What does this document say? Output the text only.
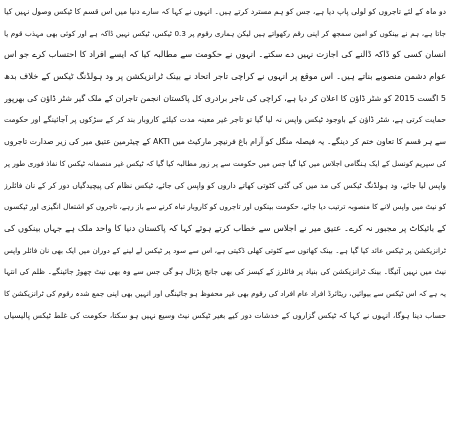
دو ماہ کے لئے تاجروں کو لولی پاپ دیا ہے، جس کو ہم مسترد کرتے ہیں۔ انہوں نے کہا کہ سارے دنیا میں اس قسم کا ٹیکس وصول نہیں کیا
جاتا ہے، ہم نے بینکوں کو امین سمجھ کر اپنی رقم رکھواتے ہیں لیکن ہماری رقوم پر 0.3 ٹیکس، ٹیکس نہیں ڈاکہ ہے اور کوئی بھی مہذب قوم یا
انسان کسی کو ڈاکہ ڈالنے کی اجازت نہیں دے سکتے۔ انہوں نے حکومت سے مطالبہ کیا کہ ایسے افراد کا احتساب کرے جو اس
عوام دشمن منصوبے بناتے ہیں۔ اس موقع پر انہوں نے کراچی تاجر اتحاد نے بینک ٹرانزیکشن پر ود ہولڈنگ ٹیکس کے خلاف بدھ
5 اگست 2015 کو شٹر ڈاؤن کا اعلان کر دیا ہے، کراچی کی تاجر برادری کل پاکستان انجمن تاجران کے ملک گیر شٹر ڈاؤن کی بھرپور
حمایت کرتی ہے، شٹر ڈاؤن کے باوجود ٹیکس واپس نہ لیا گیا تو تاجر غیر معینہ مدت کیلئے کاروبار بند کر کے سڑکوں پر آجائینگے اور حکومت
سے ہر قسم کا تعاون ختم کر دینگے۔ یہ فیصلہ منگل کو آرام باغ فرنیچر مارکیٹ میں AKTI کے چیئرمین عتیق میر کی زیر صدارت تاجروں
کی سپریم کونسل کے ایک ہنگامی اجلاس میں کیا گیا جس میں حکومت سے پر زور مطالبہ کیا گیا کہ ٹیکس غیر منصفانہ ٹیکس کا نفاذ فوری طور پر
واپس لیا جائے، ود ہولڈنگ ٹیکس کی مد میں کی گئی کٹوتی کھاتے داروں کو واپس کی جائے، ٹیکس نظام کی پیچیدگیاں دور کر کے نان فائلرز
کو نیٹ میں واپس لانے کا منصوبہ ترتیب دیا جائے، حکومت بینکوں اور تاجروں کو کاروبار تباہ کرنے سے باز رہے، تاجروں کو اشتعال انگیزی اور ٹیکسوں
کے بائیکاٹ پر مجبور نہ کرے۔ عتیق میر نے اجلاس سے خطاب کرتے ہوئے کہا کہ پاکستان دنیا کا واحد ملک ہے جہاں بینکوں کی
ٹرانزیکشن پر ٹیکس عائد کیا گیا ہے۔ بینک کھاتوں سے کٹوتی کھلی ڈکیتی ہے، اس سے سود پر ٹیکس لے لینے کے دوران میں ایک بھی نان فائلر واپس
نیٹ میں نہیں آئیگا۔ بینک ٹرانزیکشن کی بنیاد پر فائلرز کے کیسز کی بھی جانچ پڑتال ہو گی جس سے وہ بھی نیٹ چھوڑ جائینگے۔ ظلم کی انتہا
یہ ہے کہ اس ٹیکس سے بیوائیں، ریٹائرڈ افراد عام افراد کی رقوم بھی غیر محفوظ ہو جائینگی اور انہیں بھی اپنی جمع شدہ رقوم کی ٹرانزیکشن کا
حساب دینا ہوگا، انہوں نے کہا کہ ٹیکس گزاروں کے خدشات دور کیے بغیر ٹیکس نیٹ وسیع نہیں ہو سکتا، حکومت کی غلط ٹیکس پالیسیاں
